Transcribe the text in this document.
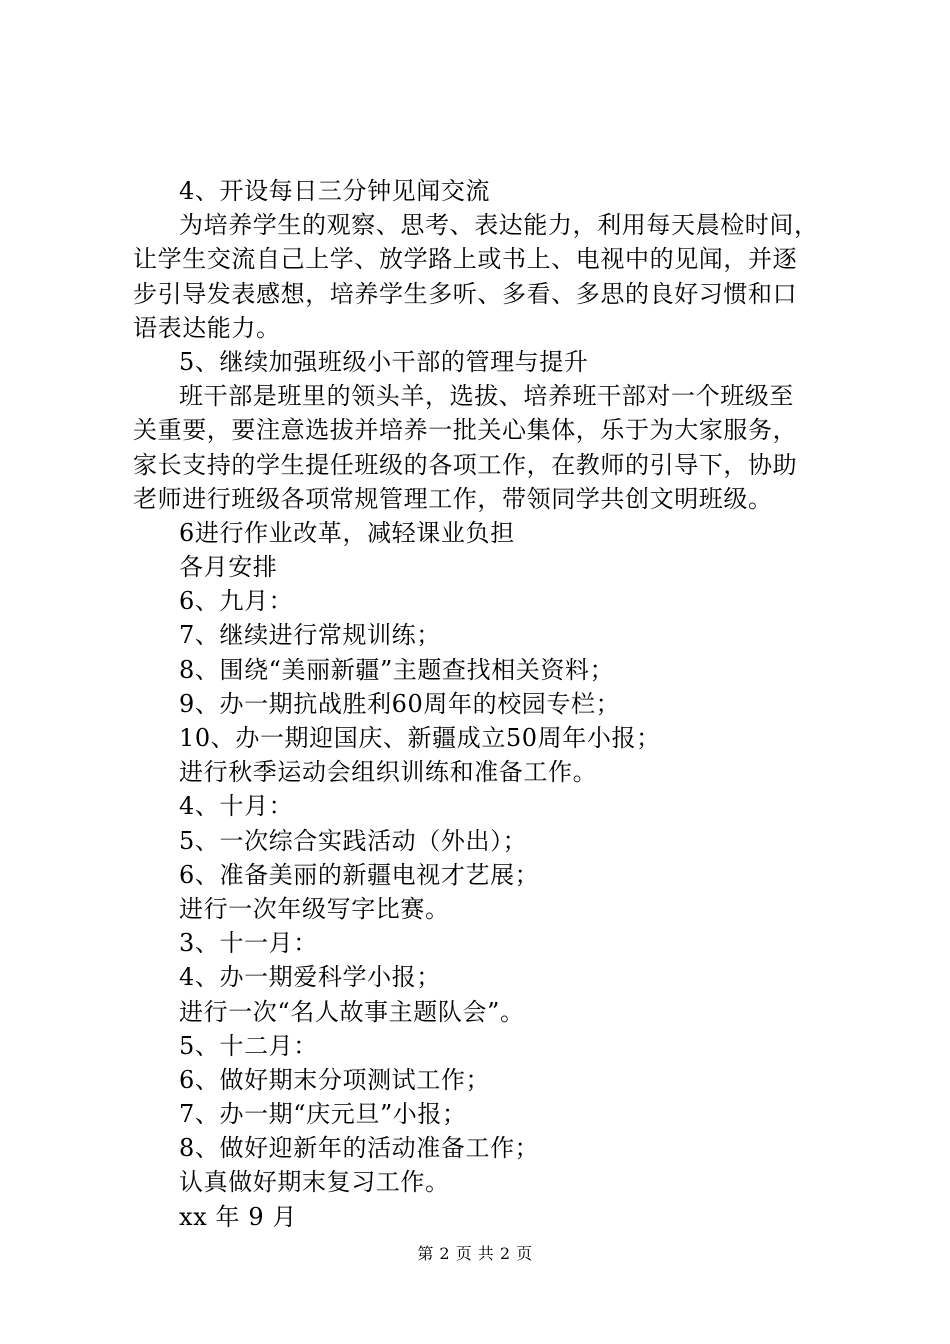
4、开设每日三分钟见闻交流
为培养学生的观察、思考、表达能力，利用每天晨检时间，
让学生交流自己上学、放学路上或书上、电视中的见闻，并逐
步引导发表感想，培养学生多听、多看、多思的良好习惯和口
语表达能力。
5、继续加强班级小干部的管理与提升
班干部是班里的领头羊，选拔、培养班干部对一个班级至
关重要，要注意选拔并培养一批关心集体，乐于为大家服务，
家长支持的学生提任班级的各项工作，在教师的引导下，协助
老师进行班级各项常规管理工作，带领同学共创文明班级。
6进行作业改革，减轻课业负担
各月安排
6、九月：
7、继续进行常规训练；
8、围绕“美丽新疆”主题查找相关资料；
9、办一期抗战胜利60周年的校园专栏；
10、办一期迎国庆、新疆成立50周年小报；
进行秋季运动会组织训练和准备工作。
4、十月：
5、一次综合实践活动（外出）；
6、准备美丽的新疆电视才艺展；
进行一次年级写字比赛。
3、十一月：
4、办一期爱科学小报；
进行一次“名人故事主题队会”。
5、十二月：
6、做好期末分项测试工作；
7、办一期“庆元旦”小报；
8、做好迎新年的活动准备工作；
认真做好期末复习工作。
xx 年 9 月
第 2 页 共 2 页
